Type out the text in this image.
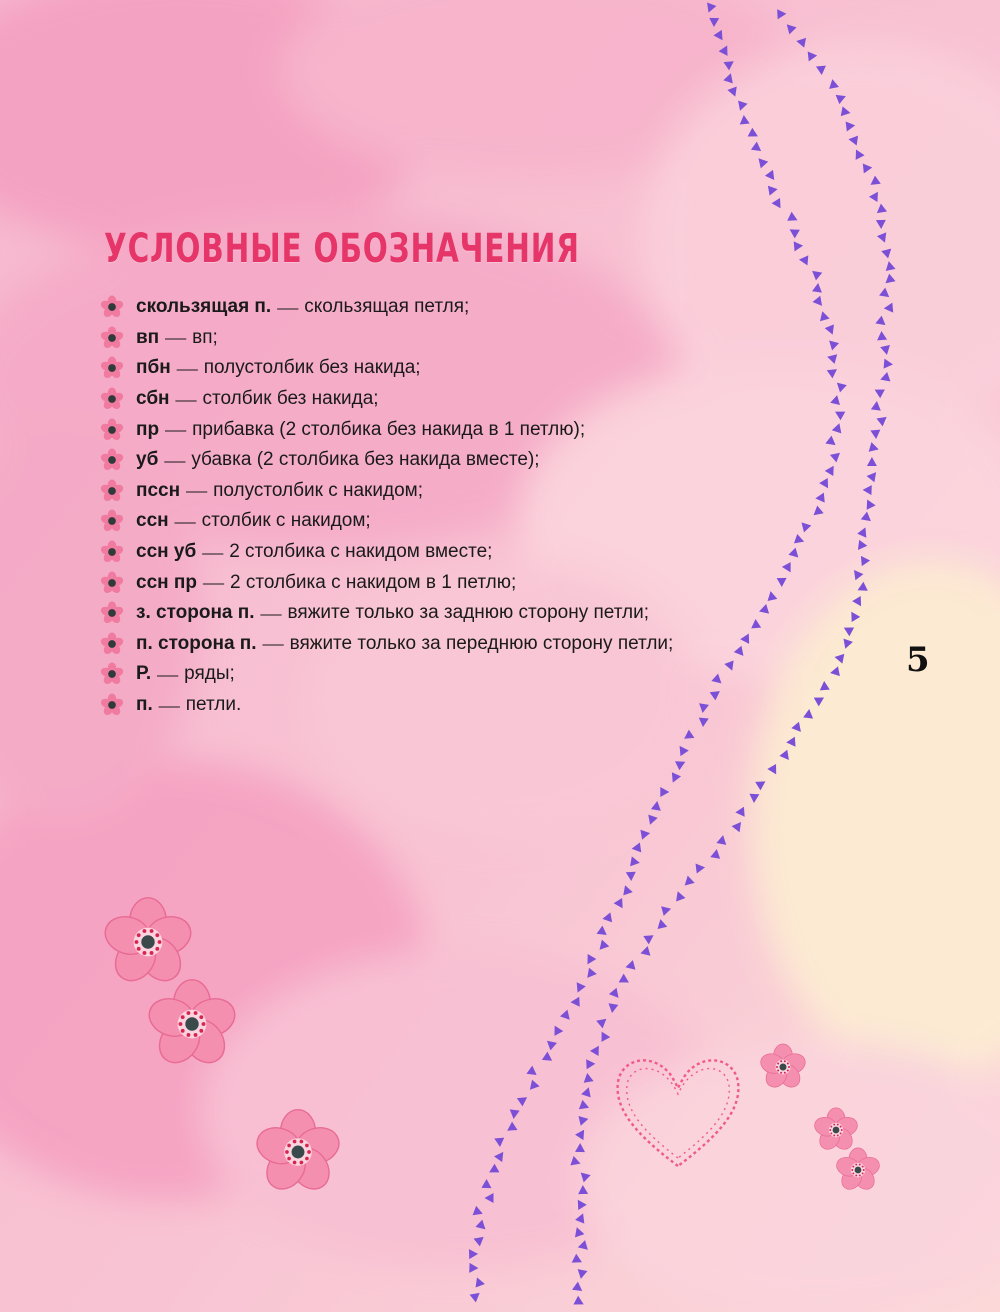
УСЛОВНЫЕ ОБОЗНАЧЕНИЯ
скользящая п. — скользящая петля;
вп — вп;
пбн — полустолбик без накида;
сбн — столбик без накида;
пр — прибавка (2 столбика без накида в 1 петлю);
уб — убавка (2 столбика без накида вместе);
пссн — полустолбик с накидом;
ссн — столбик с накидом;
ссн уб — 2 столбика с накидом вместе;
ссн пр — 2 столбика с накидом в 1 петлю;
з. сторона п. — вяжите только за заднюю сторону петли;
п. сторона п. — вяжите только за переднюю сторону петли;
Р. — ряды;
п. — петли.
5
